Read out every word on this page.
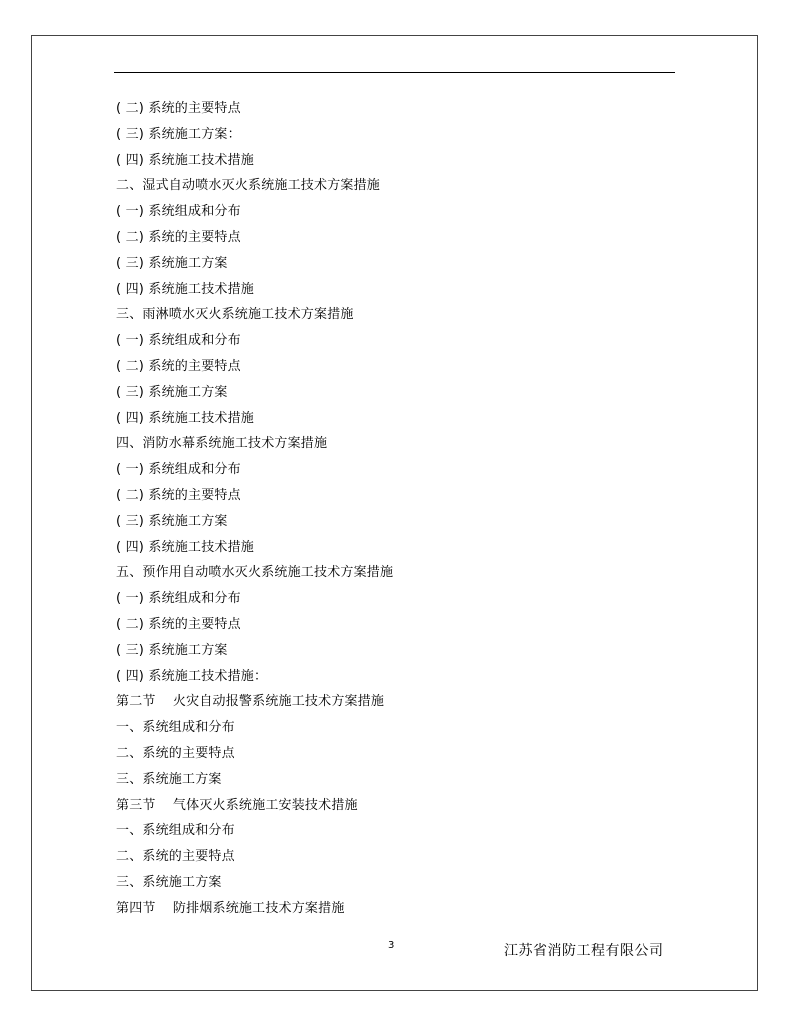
( 二) 系统的主要特点
( 三) 系统施工方案：
( 四) 系统施工技术措施
二、湿式自动喷水灭火系统施工技术方案措施
( 一) 系统组成和分布
( 二) 系统的主要特点
( 三) 系统施工方案
( 四) 系统施工技术措施
三、雨淋喷水灭火系统施工技术方案措施
( 一) 系统组成和分布
( 二) 系统的主要特点
( 三) 系统施工方案
( 四) 系统施工技术措施
四、消防水幕系统施工技术方案措施
( 一) 系统组成和分布
( 二) 系统的主要特点
( 三) 系统施工方案
( 四) 系统施工技术措施
五、预作用自动喷水灭火系统施工技术方案措施
( 一) 系统组成和分布
( 二) 系统的主要特点
( 三) 系统施工方案
( 四) 系统施工技术措施：
第二节    火灾自动报警系统施工技术方案措施
一、系统组成和分布
二、系统的主要特点
三、系统施工方案
第三节    气体灭火系统施工安装技术措施
一、系统组成和分布
二、系统的主要特点
三、系统施工方案
第四节    防排烟系统施工技术方案措施
3	江苏省消防工程有限公司
